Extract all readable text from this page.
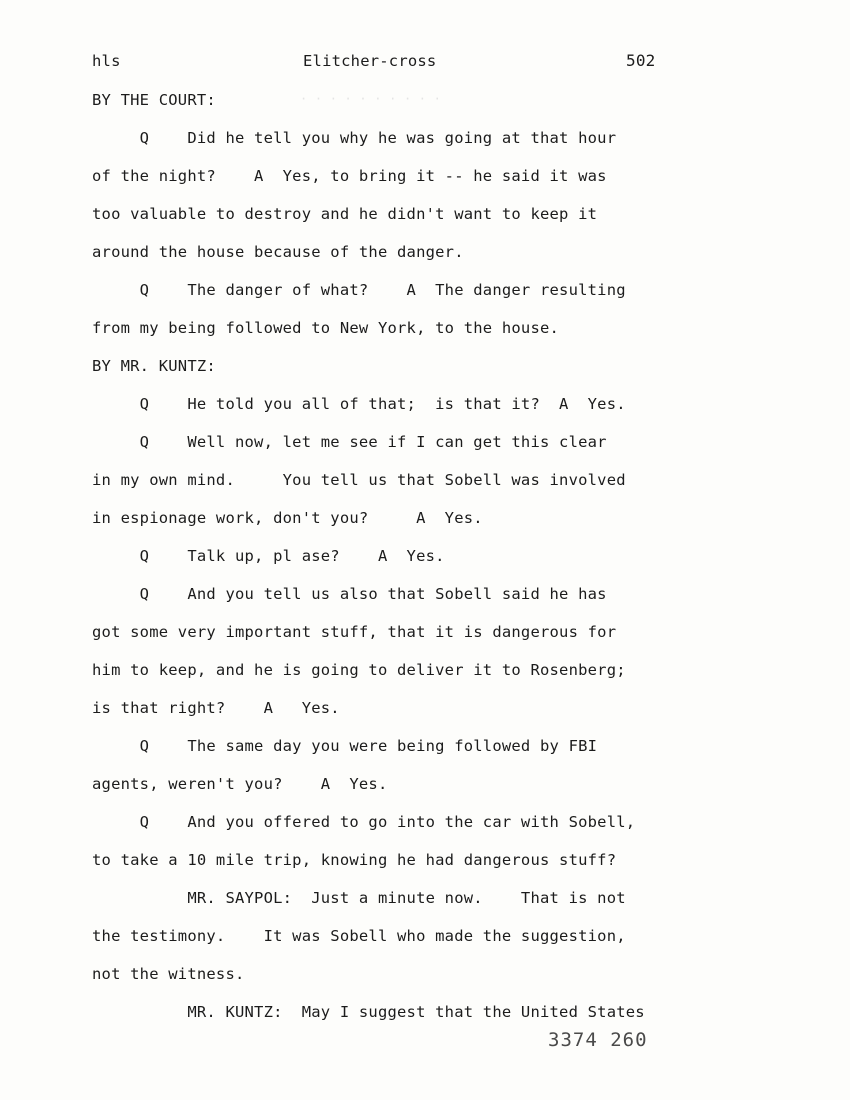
· · · · · · · · · ·
hls	Elitcher-cross	502
BY THE COURT:
Q    Did he tell you why he was going at that hour
of the night?    A  Yes, to bring it -- he said it was
too valuable to destroy and he didn't want to keep it
around the house because of the danger.
Q    The danger of what?    A  The danger resulting
from my being followed to New York, to the house.
BY MR. KUNTZ:
Q    He told you all of that;  is that it?  A  Yes.
Q    Well now, let me see if I can get this clear
in my own mind.     You tell us that Sobell was involved
in espionage work, don't you?     A  Yes.
Q    Talk up, pl ase?    A  Yes.
Q    And you tell us also that Sobell said he has
got some very important stuff, that it is dangerous for
him to keep, and he is going to deliver it to Rosenberg;
is that right?    A   Yes.
Q    The same day you were being followed by FBI
agents, weren't you?    A  Yes.
Q    And you offered to go into the car with Sobell,
to take a 10 mile trip, knowing he had dangerous stuff?
MR. SAYPOL:  Just a minute now.    That is not
the testimony.    It was Sobell who made the suggestion,
not the witness.
MR. KUNTZ:  May I suggest that the United States
3374 260
